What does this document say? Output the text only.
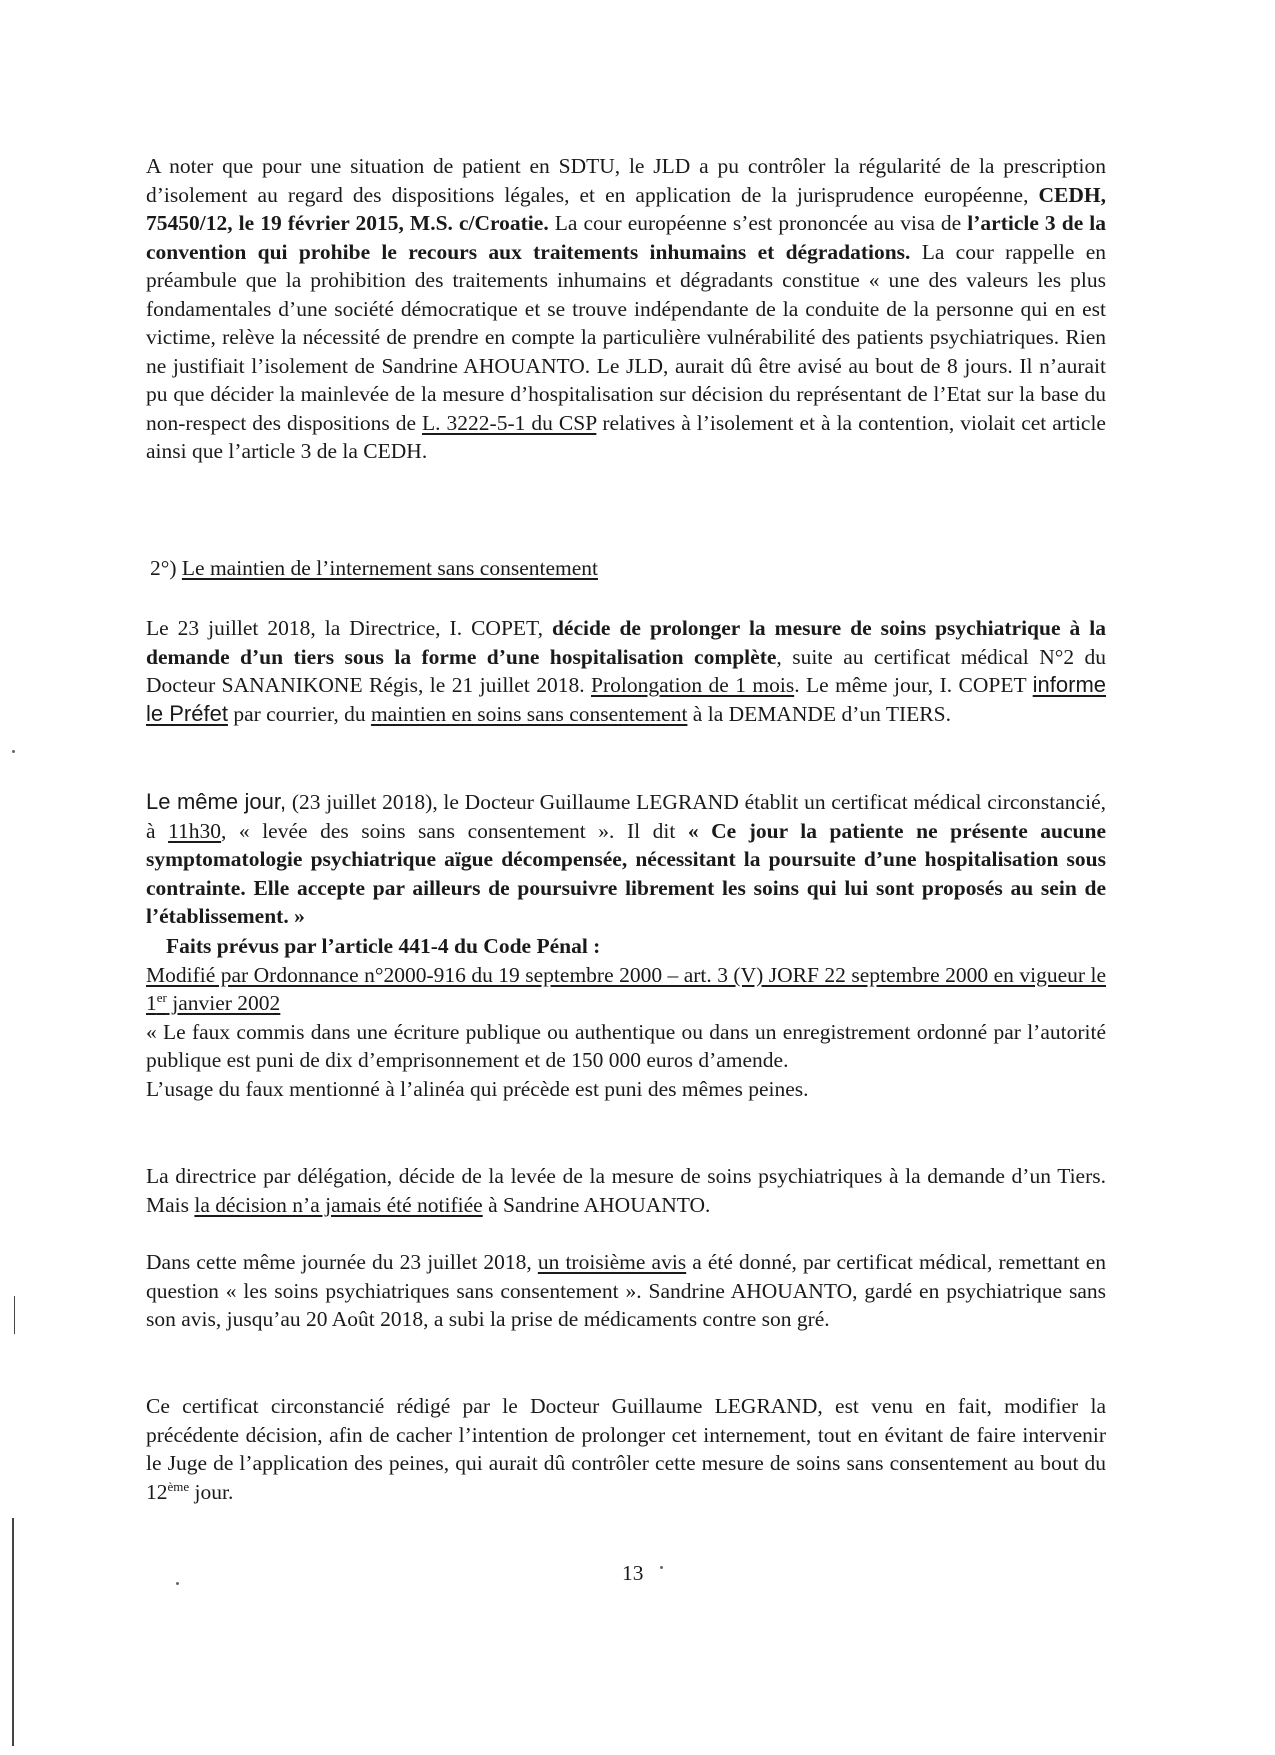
A noter que pour une situation de patient en SDTU, le JLD a pu contrôler la régularité de la prescription d’isolement au regard des dispositions légales, et en application de la jurisprudence européenne, CEDH, 75450/12, le 19 février 2015, M.S. c/Croatie. La cour européenne s’est prononcée au visa de l’article 3 de la convention qui prohibe le recours aux traitements inhumains et dégradations. La cour rappelle en préambule que la prohibition des traitements inhumains et dégradants constitue « une des valeurs les plus fondamentales d’une société démocratique et se trouve indépendante de la conduite de la personne qui en est victime, relève la nécessité de prendre en compte la particulière vulnérabilité des patients psychiatriques. Rien ne justifiait l’isolement de Sandrine AHOUANTO. Le JLD, aurait dû être avisé au bout de 8 jours. Il n’aurait pu que décider la mainlevée de la mesure d’hospitalisation sur décision du représentant de l’Etat sur la base du non-respect des dispositions de L. 3222-5-1 du CSP relatives à l’isolement et à la contention, violait cet article ainsi que l’article 3 de la CEDH.

2°) Le maintien de l’internement sans consentement

Le 23 juillet 2018, la Directrice, I. COPET, décide de prolonger la mesure de soins psychiatrique à la demande d’un tiers sous la forme d’une hospitalisation complète, suite au certificat médical N°2 du Docteur SANANIKONE Régis, le 21 juillet 2018. Prolongation de 1 mois. Le même jour, I. COPET informe le Préfet par courrier, du maintien en soins sans consentement à la DEMANDE d’un TIERS.

Le même jour, (23 juillet 2018), le Docteur Guillaume LEGRAND établit un certificat médical circonstancié, à 11h30, « levée des soins sans consentement ». Il dit « Ce jour la patiente ne présente aucune symptomatologie psychiatrique aïgue décompensée, nécessitant la poursuite d’une hospitalisation sous contrainte. Elle accepte par ailleurs de poursuivre librement les soins qui lui sont proposés au sein de l’établissement. »

Faits prévus par l’article 441-4 du Code Pénal :

Modifié par Ordonnance n°2000-916 du 19 septembre 2000 – art. 3 (V) JORF 22 septembre 2000 en vigueur le 1er janvier 2002

« Le faux commis dans une écriture publique ou authentique ou dans un enregistrement ordonné par l’autorité publique est puni de dix d’emprisonnement et de 150 000 euros d’amende.

L’usage du faux mentionné à l’alinéa qui précède est puni des mêmes peines.

La directrice par délégation, décide de la levée de la mesure de soins psychiatriques à la demande d’un Tiers. Mais la décision n’a jamais été notifiée à Sandrine AHOUANTO.

Dans cette même journée du 23 juillet 2018, un troisième avis a été donné, par certificat médical, remettant en question « les soins psychiatriques sans consentement ». Sandrine AHOUANTO, gardé en psychiatrique sans son avis, jusqu’au 20 Août 2018, a subi la prise de médicaments contre son gré.

Ce certificat circonstancié rédigé par le Docteur Guillaume LEGRAND, est venu en fait, modifier la précédente décision, afin de cacher l’intention de prolonger cet internement, tout en évitant de faire intervenir le Juge de l’application des peines, qui aurait dû contrôler cette mesure de soins sans consentement au bout du 12ème jour.

13
